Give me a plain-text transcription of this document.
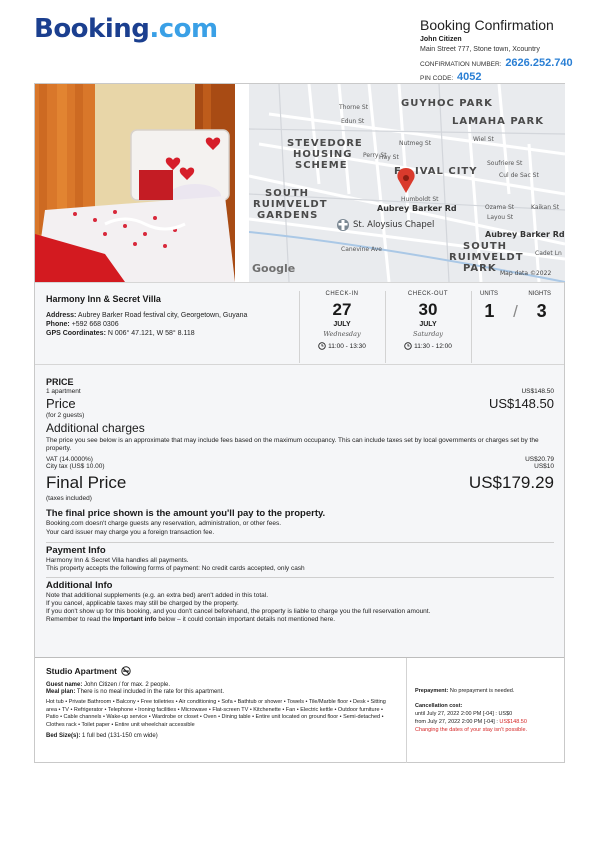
Booking.com	Booking Confirmation
John Citizen
Main Street 777, Stone town, Xcountry
CONFIRMATION NUMBER: 2626.252.740
PIN CODE: 4052
GUYHOC PARK
LAMAHA PARK
STEVEDORE
HOUSING
SCHEME
F IVAL CITY
SOUTH
RUIMVELDT
GARDENS
SOUTH
RUIMVELDT
PARK
Thorne St
Edun St
Nutmeg St
Wiel St
Soufriere St
Cul de Sac St
Perry St
Hay St
Humboldt St
Ozama St
Layou St
Kaikan St
Cadet Ln
Canevine Ave
Aubrey Barker Rd
Aubrey Barker Rd
St. Aloysius Chapel
Google	Map data ©2022
Harmony Inn & Secret Villa
Address: Aubrey Barker Road festival city, Georgetown, Guyana
Phone: +592 668 0306
GPS Coordinates: N 006° 47.121, W 58° 8.118
CHECK-IN
27
JULY
Wednesday
11:00 - 13:30
CHECK-OUT
30
JULY
Saturday
11:30 - 12:00
UNITS	NIGHTS
1 / 3
PRICE
1 apartment	US$148.50
Price	US$148.50
(for 2 guests)
Additional charges
The price you see below is an approximate that may include fees based on the maximum occupancy. This can include taxes set by local governments or charges set by the property.
VAT (14.0000%)	US$20.79
City tax (US$ 10.00)	US$10
Final Price	US$179.29
(taxes included)
The final price shown is the amount you'll pay to the property.
Booking.com doesn't charge guests any reservation, administration, or other fees.
Your card issuer may charge you a foreign transaction fee.
Payment Info
Harmony Inn & Secret Villa handles all payments.
This property accepts the following forms of payment: No credit cards accepted, only cash
Additional Info
Note that additional supplements (e.g. an extra bed) aren't added in this total.
If you cancel, applicable taxes may still be charged by the property.
If you don't show up for this booking, and you don't cancel beforehand, the property is liable to charge you the full reservation amount.
Remember to read the Important info below – it could contain important details not mentioned here.
Studio Apartment
Guest name: John Citizen / for max. 2 people.
Meal plan: There is no meal included in the rate for this apartment.
Hot tub • Private Bathroom • Balcony • Free toiletries • Air conditioning • Sofa • Bathtub or shower • Towels • Tile/Marble floor • Desk • Sitting area • TV • Refrigerator • Telephone • Ironing facilities • Microwave • Flat-screen TV • Kitchenette • Fan • Electric kettle • Outdoor furniture • Patio • Cable channels • Wake-up service • Wardrobe or closet • Oven • Dining table • Entire unit located on ground floor • Semi-detached • Clothes rack • Toilet paper • Entire unit wheelchair accessible
Bed Size(s): 1 full bed (131-150 cm wide)
Prepayment: No prepayment is needed.
Cancellation cost:
until July 27, 2022 2:00 PM [-04] : US$0
from July 27, 2022 2:00 PM [-04] : US$148.50
Changing the dates of your stay isn't possible.
